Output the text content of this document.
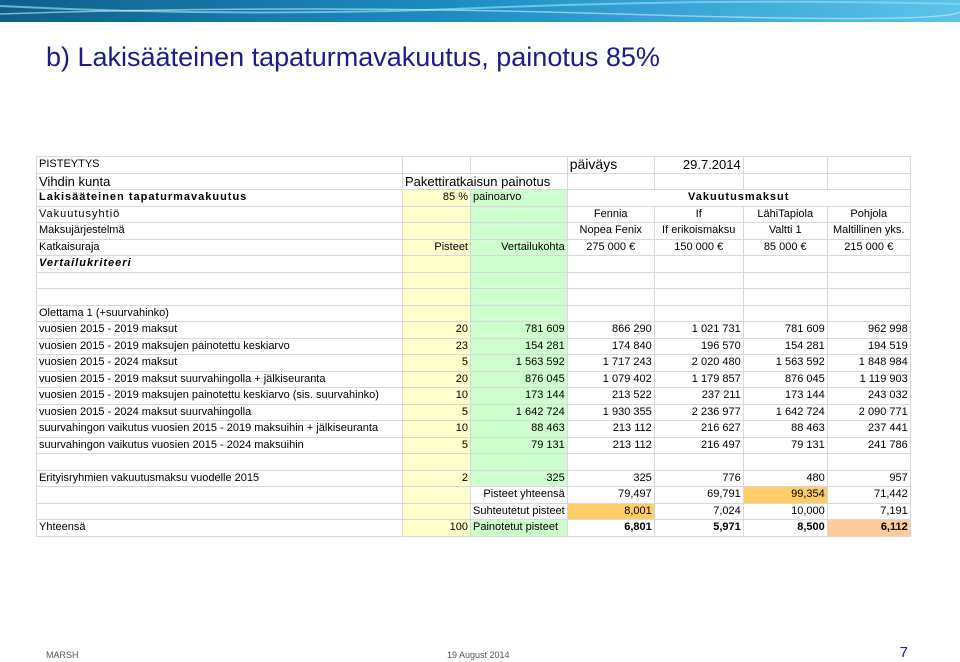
b) Lakisääteinen tapaturmavakuutus, painotus 85%
PISTEYTYS			päiväys	29.7.2014		
Vihdin kunta	Pakettiratkaisun painotus					
Lakisääteinen tapaturmavakuutus	85 %	painoarvo	Vakuutusmaksut			
Vakuutusyhtiö			Fennia	If	LähiTapiola	Pohjola
Maksujärjestelmä			Nopea Fenix	If erikoismaksu	Valtti 1	Maltillinen yks.
Katkaisuraja	Pisteet	Vertailukohta	275 000 €	150 000 €	85 000 €	215 000 €
Vertailukriteeri						

Olettama 1 (+suurvahinko)						
vuosien 2015 - 2019 maksut	20	781 609	866 290	1 021 731	781 609	962 998
vuosien 2015 - 2019 maksujen painotettu keskiarvo	23	154 281	174 840	196 570	154 281	194 519
vuosien 2015 - 2024 maksut	5	1 563 592	1 717 243	2 020 480	1 563 592	1 848 984
vuosien 2015 - 2019 maksut suurvahingolla + jälkiseuranta	20	876 045	1 079 402	1 179 857	876 045	1 119 903
vuosien 2015 - 2019 maksujen painotettu keskiarvo (sis. suurvahinko)	10	173 144	213 522	237 211	173 144	243 032
vuosien 2015 - 2024 maksut suurvahingolla	5	1 642 724	1 930 355	2 236 977	1 642 724	2 090 771
suurvahingon vaikutus vuosien 2015 - 2019 maksuihin + jälkiseuranta	10	88 463	213 112	216 627	88 463	237 441
suurvahingon vaikutus vuosien 2015 - 2024 maksuihin	5	79 131	213 112	216 497	79 131	241 786

Erityisryhmien vakuutusmaksu vuodelle 2015	2	325	325	776	480	957
		Pisteet yhteensä	79,497	69,791	99,354	71,442
		Suhteutetut pisteet	8,001	7,024	10,000	7,191
Yhteensä	100	Painotetut pisteet	6,801	5,971	8,500	6,112
MARSH	19 August 2014	7
